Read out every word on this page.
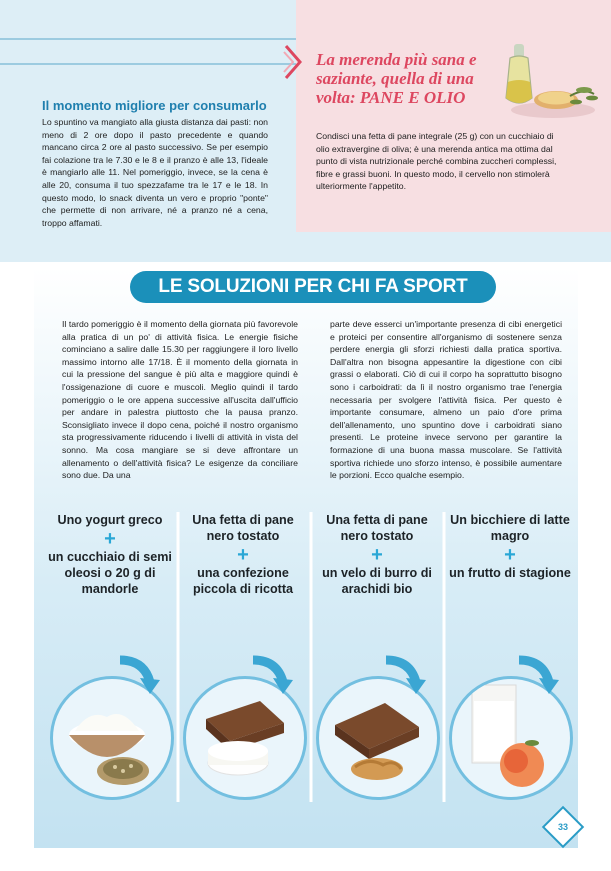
Il momento migliore per consumarlo
Lo spuntino va mangiato alla giusta distanza dai pasti: non meno di 2 ore dopo il pasto precedente e quando mancano circa 2 ore al pasto successivo. Se per esempio fai colazione tra le 7.30 e le 8 e il pranzo è alle 13, l'ideale è mangiarlo alle 11. Nel pomeriggio, invece, se la cena è alle 20, consuma il tuo spezzafame tra le 17 e le 18. In questo modo, lo snack diventa un vero e proprio "ponte" che permette di non arrivare, né a pranzo né a cena, troppo affamati.
La merenda più sana e saziante, quella di una volta: PANE E OLIO
Condisci una fetta di pane integrale (25 g) con un cucchiaio di olio extravergine di oliva; è una merenda antica ma ottima dal punto di vista nutrizionale perché combina zuccheri complessi, fibre e grassi buoni. In questo modo, il cervello non stimolerà ulteriormente l'appetito.
LE SOLUZIONI PER CHI FA SPORT
Il tardo pomeriggio è il momento della giornata più favorevole alla pratica di un po' di attività fisica. Le energie fisiche cominciano a salire dalle 15.30 per raggiungere il loro livello massimo intorno alle 17/18. È il momento della giornata in cui la pressione del sangue è più alta e maggiore quindi è l'ossigenazione di cuore e muscoli. Meglio quindi il tardo pomeriggio o le ore appena successive all'uscita dall'ufficio per andare in palestra piuttosto che la pausa pranzo. Sconsigliato invece il dopo cena, poiché il nostro organismo sta progressivamente riducendo i livelli di attività in vista del sonno. Ma cosa mangiare se si deve affrontare un allenamento o dell'attività fisica? Le esigenze da conciliare sono due. Da una
parte deve esserci un'importante presenza di cibi energetici e proteici per consentire all'organismo di sostenere senza perdere energia gli sforzi richiesti dalla pratica sportiva. Dall'altra non bisogna appesantire la digestione con cibi grassi o elaborati. Ciò di cui il corpo ha soprattutto bisogno sono i carboidrati: da lì il nostro organismo trae l'energia necessaria per svolgere l'attività fisica. Per questo è importante consumare, almeno un paio d'ore prima dell'allenamento, uno spuntino dove i carboidrati siano presenti. Le proteine invece servono per garantire la formazione di una buona massa muscolare. Se l'attività sportiva richiede uno sforzo intenso, è possibile aumentare le porzioni. Ecco qualche esempio.
Uno yogurt greco
+
un cucchiaio di semi oleosi o 20 g di mandorle
Una fetta di pane nero tostato
+
una confezione piccola di ricotta
Una fetta di pane nero tostato
+
un velo di burro di arachidi bio
Un bicchiere di latte magro
+
un frutto di stagione
33
